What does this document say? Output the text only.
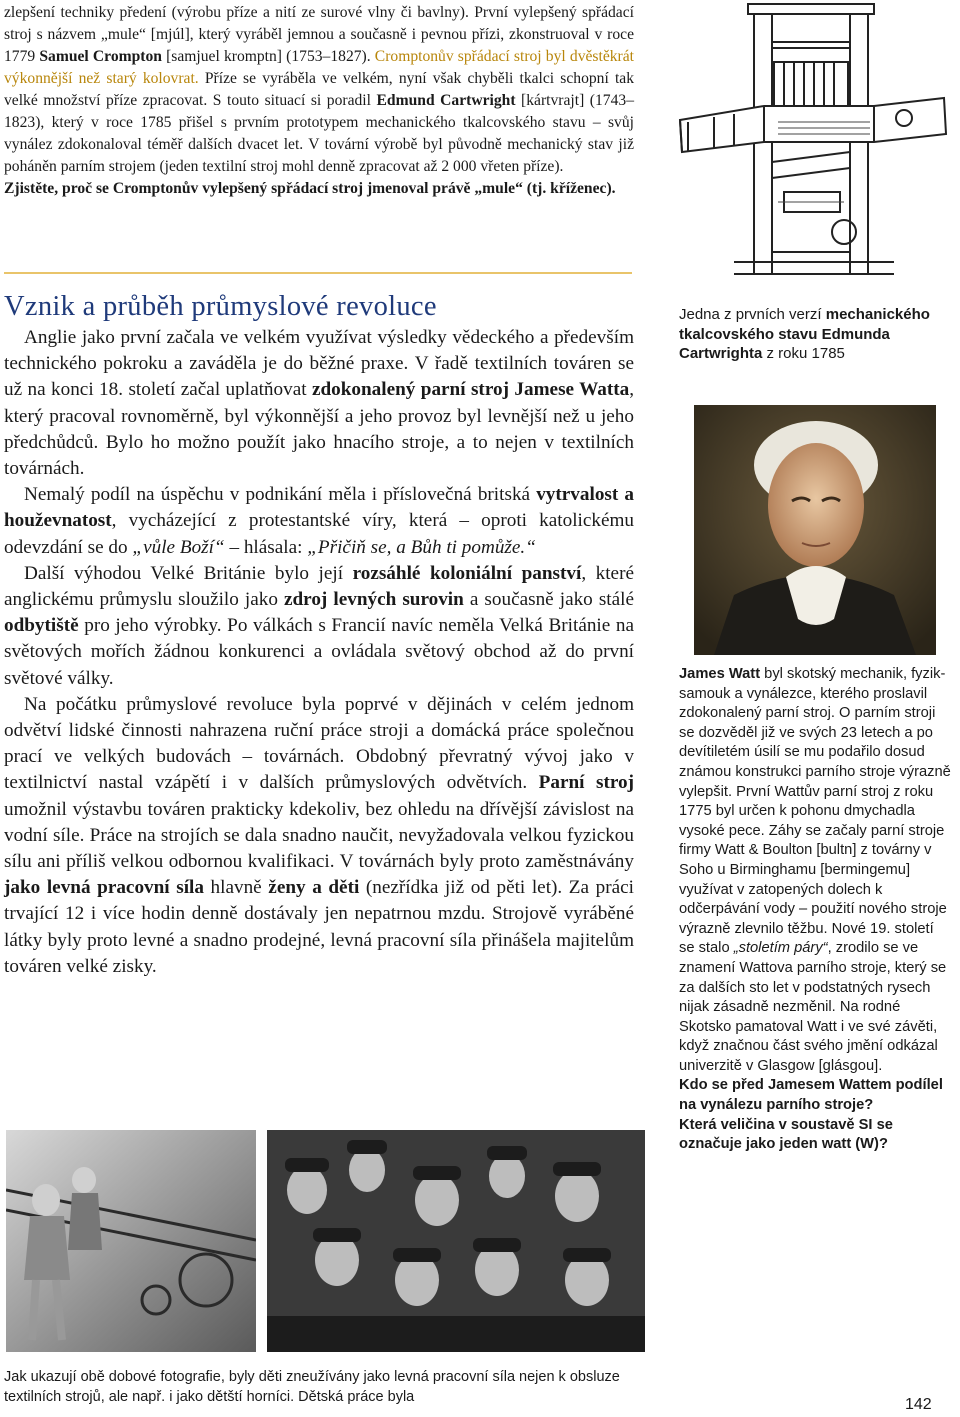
zlepšení techniky předení (výrobu příze a nití ze surové vlny či bavlny). První vylepšený spřádací stroj s názvem „mule“ [mjúl], který vyráběl jemnou a současně i pevnou přízi, zkonstruoval v roce 1779 Samuel Crompton [samjuel kromptn] (1753–1827). Cromptonův spřádací stroj byl dvěstěkrát výkonnější než starý kolovrat. Příze se vyráběla ve velkém, nyní však chyběli tkalci schopní tak velké množství příze zpracovat. S touto situací si poradil Edmund Cartwright [kártvrajt] (1743–1823), který v roce 1785 přišel s prvním prototypem mechanického tkalcovského stavu – svůj vynález zdokonaloval téměř dalších dvacet let. V tovární výrobě byl původně mechanický stav již poháněn parním strojem (jeden textilní stroj mohl denně zpracovat až 2 000 vřeten příze).

Zjistěte, proč se Cromptonův vylepšený spřádací stroj jmenoval právě „mule“ (tj. kříženec).

Vznik a průběh průmyslové revoluce

Anglie jako první začala ve velkém využívat výsledky vědeckého a především technického pokroku a zaváděla je do běžné praxe. V řadě textilních továren se už na konci 18. století začal uplatňovat zdokonalený parní stroj Jamese Watta, který pracoval rovnoměrně, byl výkonnější a jeho provoz byl levnější než u jeho předchůdců. Bylo ho možno použít jako hnacího stroje, a to nejen v textilních továrnách.

Nemalý podíl na úspěchu v podnikání měla i příslovečná britská vytrvalost a houževnatost, vycházející z protestantské víry, která – oproti katolickému odevzdání se do „vůle Boží“ – hlásala: „Přičiň se, a Bůh ti pomůže.“

Další výhodou Velké Británie bylo její rozsáhlé koloniální panství, které anglickému průmyslu sloužilo jako zdroj levných surovin a současně jako stálé odbytiště pro jeho výrobky. Po válkách s Francií navíc neměla Velká Británie na světových mořích žádnou konkurenci a ovládala světový obchod až do první světové války.

Na počátku průmyslové revoluce byla poprvé v dějinách v celém jednom odvětví lidské činnosti nahrazena ruční práce stroji a domácká práce společnou prací ve velkých budovách – továrnách. Obdobný převratný vývoj jako v textilnictví nastal vzápětí i v dalších průmyslových odvětvích. Parní stroj umožnil výstavbu továren prakticky kdekoliv, bez ohledu na dřívější závislost na vodní síle. Práce na strojích se dala snadno naučit, nevyžadovala velkou fyzickou sílu ani příliš velkou odbornou kvalifikaci. V továrnách byly proto zaměstnávány jako levná pracovní síla hlavně ženy a děti (nezřídka již od pěti let). Za práci trvající 12 i více hodin denně dostávaly jen nepatrnou mzdu. Strojově vyráběné látky byly proto levné a snadno prodejné, levná pracovní síla přinášela majitelům továren velké zisky.

Jedna z prvních verzí mechanického tkalcovského stavu Edmunda Cartwrighta z roku 1785

James Watt byl skotský mechanik, fyzik-samouk a vynálezce, kterého proslavil zdokonalený parní stroj. O parním stroji se dozvěděl již ve svých 23 letech a po devítiletém úsilí se mu podařilo dosud známou konstrukci parního stroje výrazně vylepšit. První Wattův parní stroj z roku 1775 byl určen k pohonu dmychadla vysoké pece. Záhy se začaly parní stroje firmy Watt & Boulton [bultn] z továrny v Soho u Birminghamu [bermingemu] využívat v zatopených dolech k odčerpávání vody – použití nového stroje výrazně zlevnilo těžbu. Nové 19. století se stalo „stoletím páry“, zrodilo se ve znamení Wattova parního stroje, který se za dalších sto let v podstatných rysech nijak zásadně nezměnil. Na rodné Skotsko pamatoval Watt i ve své závěti, když značnou část svého jmění odkázal univerzitě v Glasgow [glásgou].

Kdo se před Jamesem Wattem podílel na vynálezu parního stroje?

Která veličina v soustavě SI se označuje jako jeden watt (W)?

Jak ukazují obě dobové fotografie, byly děti zneužívány jako levná pracovní síla nejen k obsluze textilních strojů, ale např. i jako dětští horníci. Dětská práce byla	142
